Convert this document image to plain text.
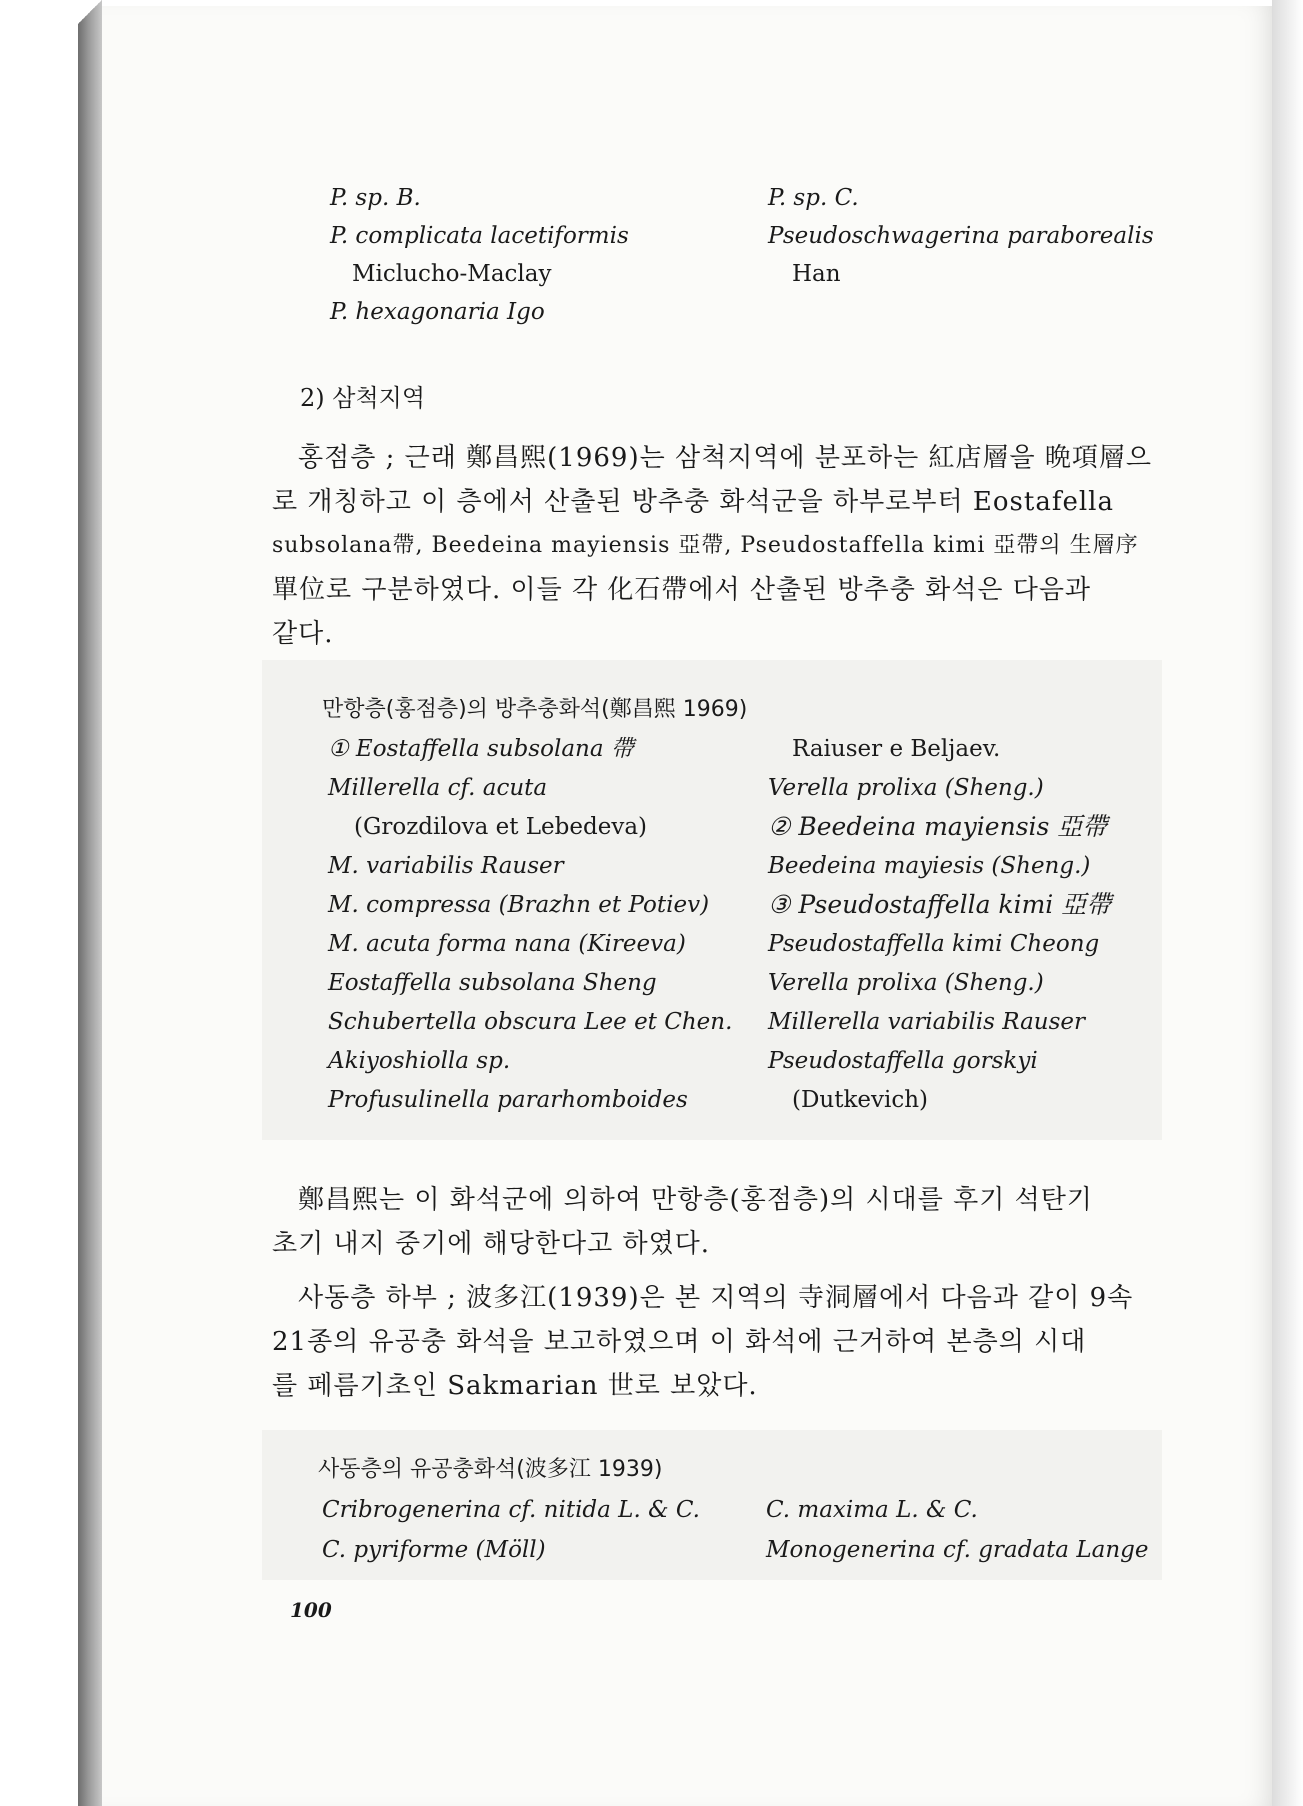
P. sp. B.
P. complicata lacetiformis
Miclucho-Maclay
P. hexagonaria Igo
P. sp. C.
Pseudoschwagerina paraborealis
Han
2) 삼척지역

홍점층 ; 근래 鄭昌熙(1969)는 삼척지역에 분포하는 紅店層을 晩項層으

로 개칭하고 이 층에서 산출된 방추충 화석군을 하부로부터 Eostafella

subsolana帶, Beedeina mayiensis 亞帶, Pseudostaffella kimi 亞帶의 生層序

單位로 구분하였다. 이들 각 化石帶에서 산출된 방추충 화석은 다음과

같다.

만항층(홍점층)의 방추충화석(鄭昌熙 1969)
① Eostaffella subsolana 帶
Millerella cf. acuta
(Grozdilova et Lebedeva)
M. variabilis Rauser
M. compressa (Brazhn et Potiev)
M. acuta forma nana (Kireeva)
Eostaffella subsolana Sheng
Schubertella obscura Lee et Chen.
Akiyoshiolla sp.
Profusulinella pararhomboides
Raiuser e Beljaev.
Verella prolixa (Sheng.)
② Beedeina mayiensis 亞帶
Beedeina mayiesis (Sheng.)
③ Pseudostaffella kimi 亞帶
Pseudostaffella kimi Cheong
Verella prolixa (Sheng.)
Millerella variabilis Rauser
Pseudostaffella gorskyi
(Dutkevich)

鄭昌熙는 이 화석군에 의하여 만항층(홍점층)의 시대를 후기 석탄기

초기 내지 중기에 해당한다고 하였다.

사동층 하부 ; 波多江(1939)은 본 지역의 寺洞層에서 다음과 같이 9속

21종의 유공충 화석을 보고하였으며 이 화석에 근거하여 본층의 시대

를 페름기초인 Sakmarian 世로 보았다.

사동층의 유공충화석(波多江 1939)
Cribrogenerina cf. nitida L. & C.
C. pyriforme (Möll)
C. maxima L. & C.
Monogenerina cf. gradata Lange
100
